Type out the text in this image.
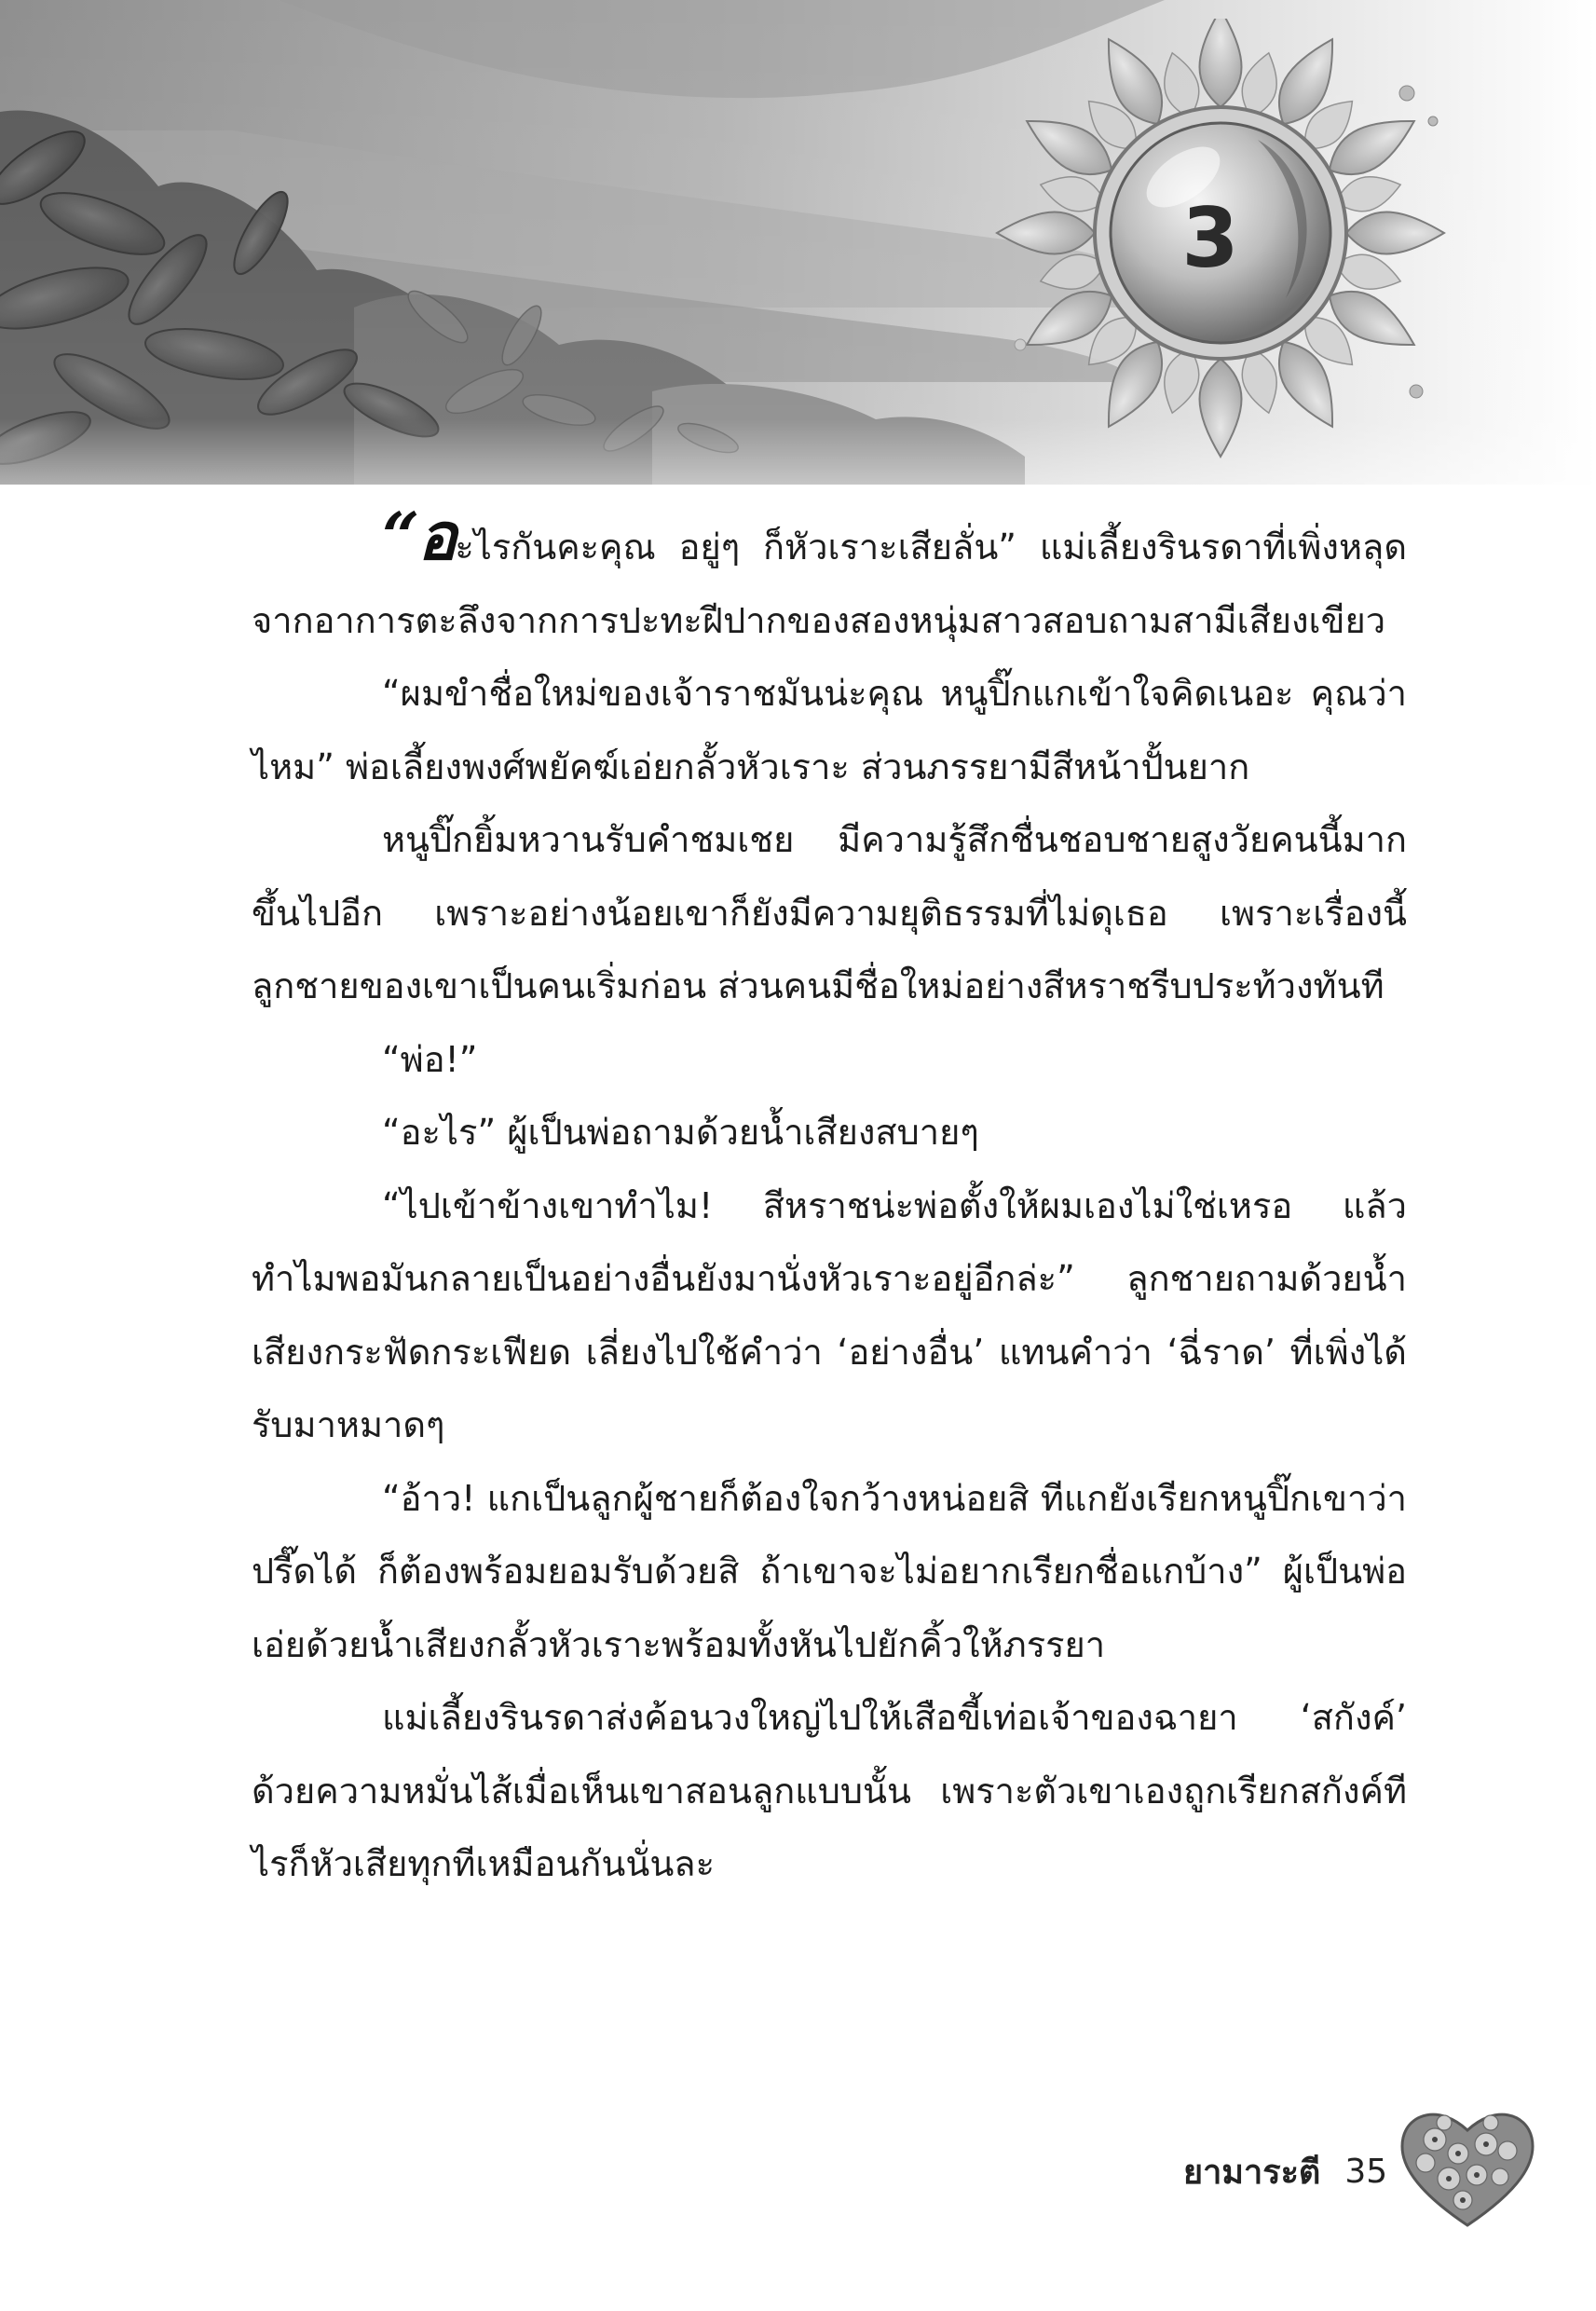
3

“อะไรกันคะคุณ อยู่ๆ ก็หัวเราะเสียลั่น” แม่เลี้ยงรินรดาที่เพิ่งหลุดจากอาการตะลึงจากการปะทะฝีปากของสองหนุ่มสาวสอบถามสามีเสียงเขียว

“ผมขำชื่อใหม่ของเจ้าราชมันน่ะคุณ หนูปิ๊กแกเข้าใจคิดเนอะ คุณว่าไหม” พ่อเลี้ยงพงศ์พยัคฆ์เอ่ยกลั้วหัวเราะ ส่วนภรรยามีสีหน้าปั้นยาก

หนูปิ๊กยิ้มหวานรับคำชมเชย มีความรู้สึกชื่นชอบชายสูงวัยคนนี้มากขึ้นไปอีก เพราะอย่างน้อยเขาก็ยังมีความยุติธรรมที่ไม่ดุเธอ เพราะเรื่องนี้ลูกชายของเขาเป็นคนเริ่มก่อน ส่วนคนมีชื่อใหม่อย่างสีหราชรีบประท้วงทันที

“พ่อ!”

“อะไร” ผู้เป็นพ่อถามด้วยน้ำเสียงสบายๆ

“ไปเข้าข้างเขาทำไม! สีหราชน่ะพ่อตั้งให้ผมเองไม่ใช่เหรอ แล้วทำไมพอมันกลายเป็นอย่างอื่นยังมานั่งหัวเราะอยู่อีกล่ะ” ลูกชายถามด้วยน้ำเสียงกระฟัดกระเฟียด เลี่ยงไปใช้คำว่า ‘อย่างอื่น’ แทนคำว่า ‘ฉี่ราด’ ที่เพิ่งได้รับมาหมาดๆ

“อ้าว! แกเป็นลูกผู้ชายก็ต้องใจกว้างหน่อยสิ ทีแกยังเรียกหนูปิ๊กเขาว่าปรี๊ดได้ ก็ต้องพร้อมยอมรับด้วยสิ ถ้าเขาจะไม่อยากเรียกชื่อแกบ้าง” ผู้เป็นพ่อเอ่ยด้วยน้ำเสียงกลั้วหัวเราะพร้อมทั้งหันไปยักคิ้วให้ภรรยา

แม่เลี้ยงรินรดาส่งค้อนวงใหญ่ไปให้เสือขี้เท่อเจ้าของฉายา ‘สกังค์’ ด้วยความหมั่นไส้เมื่อเห็นเขาสอนลูกแบบนั้น เพราะตัวเขาเองถูกเรียกสกังค์ทีไรก็หัวเสียทุกทีเหมือนกันนั่นละ

ยามาระตี 35
